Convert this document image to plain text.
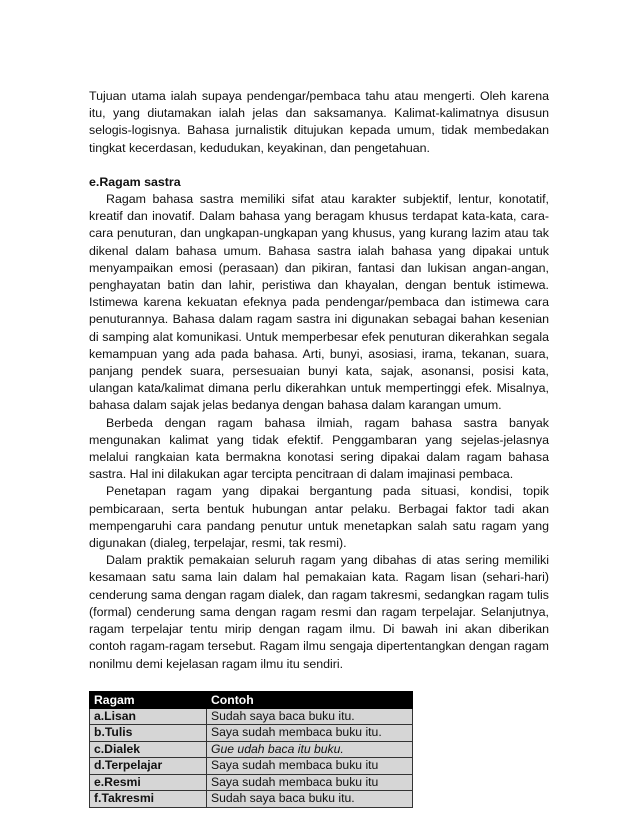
Tujuan utama ialah supaya pendengar/pembaca tahu atau mengerti. Oleh karena itu, yang diutamakan ialah jelas dan saksamanya. Kalimat-kalimatnya disusun selogis-logisnya. Bahasa jurnalistik ditujukan kepada umum, tidak membedakan tingkat kecerdasan, kedudukan, keyakinan, dan pengetahuan.

e.Ragam sastra

Ragam bahasa sastra memiliki sifat atau karakter subjektif, lentur, konotatif, kreatif dan inovatif. Dalam bahasa yang beragam khusus terdapat kata-kata, cara-cara penuturan, dan ungkapan-ungkapan yang khusus, yang kurang lazim atau tak dikenal dalam bahasa umum. Bahasa sastra ialah bahasa yang dipakai untuk menyampaikan emosi (perasaan) dan pikiran, fantasi dan lukisan angan-angan, penghayatan batin dan lahir, peristiwa dan khayalan, dengan bentuk istimewa. Istimewa karena kekuatan efeknya pada pendengar/pembaca dan istimewa cara penuturannya. Bahasa dalam ragam sastra ini digunakan sebagai bahan kesenian di samping alat komunikasi. Untuk memperbesar efek penuturan dikerahkan segala kemampuan yang ada pada bahasa. Arti, bunyi, asosiasi, irama, tekanan, suara, panjang pendek suara, persesuaian bunyi kata, sajak, asonansi, posisi kata, ulangan kata/kalimat dimana perlu dikerahkan untuk mempertinggi efek. Misalnya, bahasa dalam sajak jelas bedanya dengan bahasa dalam karangan umum.

Berbeda dengan ragam bahasa ilmiah, ragam bahasa sastra banyak mengunakan kalimat yang tidak efektif. Penggambaran yang sejelas-jelasnya melalui rangkaian kata bermakna konotasi sering dipakai dalam ragam bahasa sastra. Hal ini dilakukan agar tercipta pencitraan di dalam imajinasi pembaca.

Penetapan ragam yang dipakai bergantung pada situasi, kondisi, topik pembicaraan, serta bentuk hubungan antar pelaku. Berbagai faktor tadi akan mempengaruhi cara pandang penutur untuk menetapkan salah satu ragam yang digunakan (dialeg, terpelajar, resmi, tak resmi).

Dalam praktik pemakaian seluruh ragam yang dibahas di atas sering memiliki kesamaan satu sama lain dalam hal pemakaian kata. Ragam lisan (sehari-hari) cenderung sama dengan ragam dialek, dan ragam takresmi, sedangkan ragam tulis (formal) cenderung sama dengan ragam resmi dan ragam terpelajar. Selanjutnya, ragam terpelajar tentu mirip dengan ragam ilmu. Di bawah ini akan diberikan contoh ragam-ragam tersebut. Ragam ilmu sengaja dipertentangkan dengan ragam nonilmu demi kejelasan ragam ilmu itu sendiri.

Ragam	Contoh
a.Lisan	Sudah saya baca buku itu.
b.Tulis	Saya sudah membaca buku itu.
c.Dialek	Gue udah baca itu buku.
d.Terpelajar	Saya sudah membaca buku itu
e.Resmi	Saya sudah membaca buku itu
f.Takresmi	Sudah saya baca buku itu.
